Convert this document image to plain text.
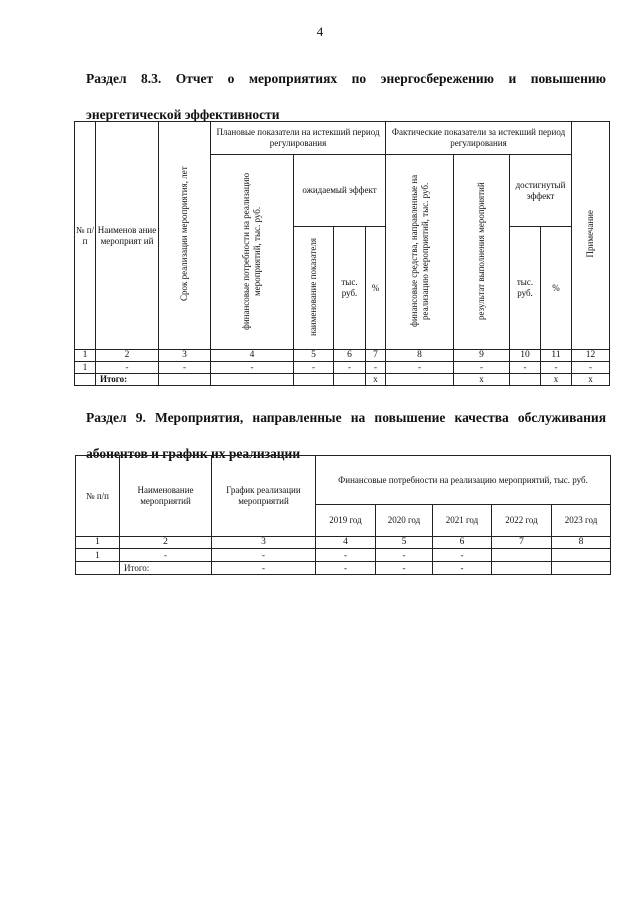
4
Раздел 8.3. Отчет о мероприятиях по энергосбережению и повышению
энергетической эффективности
№ п/ п	Наименов ание мероприят ий	Срок реализации мероприятия, лет	Плановые показатели на истекший период регулирования				Фактические показатели за истекший период регулирования				Примечание
			финансовые потребности на реализацию мероприятий, тыс. руб.	ожидаемый эффект			финансовые средства, направленные на реализацию мероприятий, тыс. руб.	результат выполнения мероприятий	достигнутый эффект		
				наименование показателя	тыс. руб.	%			тыс. руб.	%	
1	2	3	4	5	6	7	8	9	10	11	12
1	-	-	-	-	-	-	-	-	-	-	-
	Итого:					x		x		x	x
Раздел 9. Мероприятия, направленные на повышение качества обслуживания
абонентов и график их реализации
№ п/п	Наименование мероприятий	График реализации мероприятий	Финансовые потребности на реализацию мероприятий, тыс. руб.				
			2019 год	2020 год	2021 год	2022 год	2023 год
1	2	3	4	5	6	7	8
1	-	-	-	-	-		
	Итого:	-	-	-	-		
